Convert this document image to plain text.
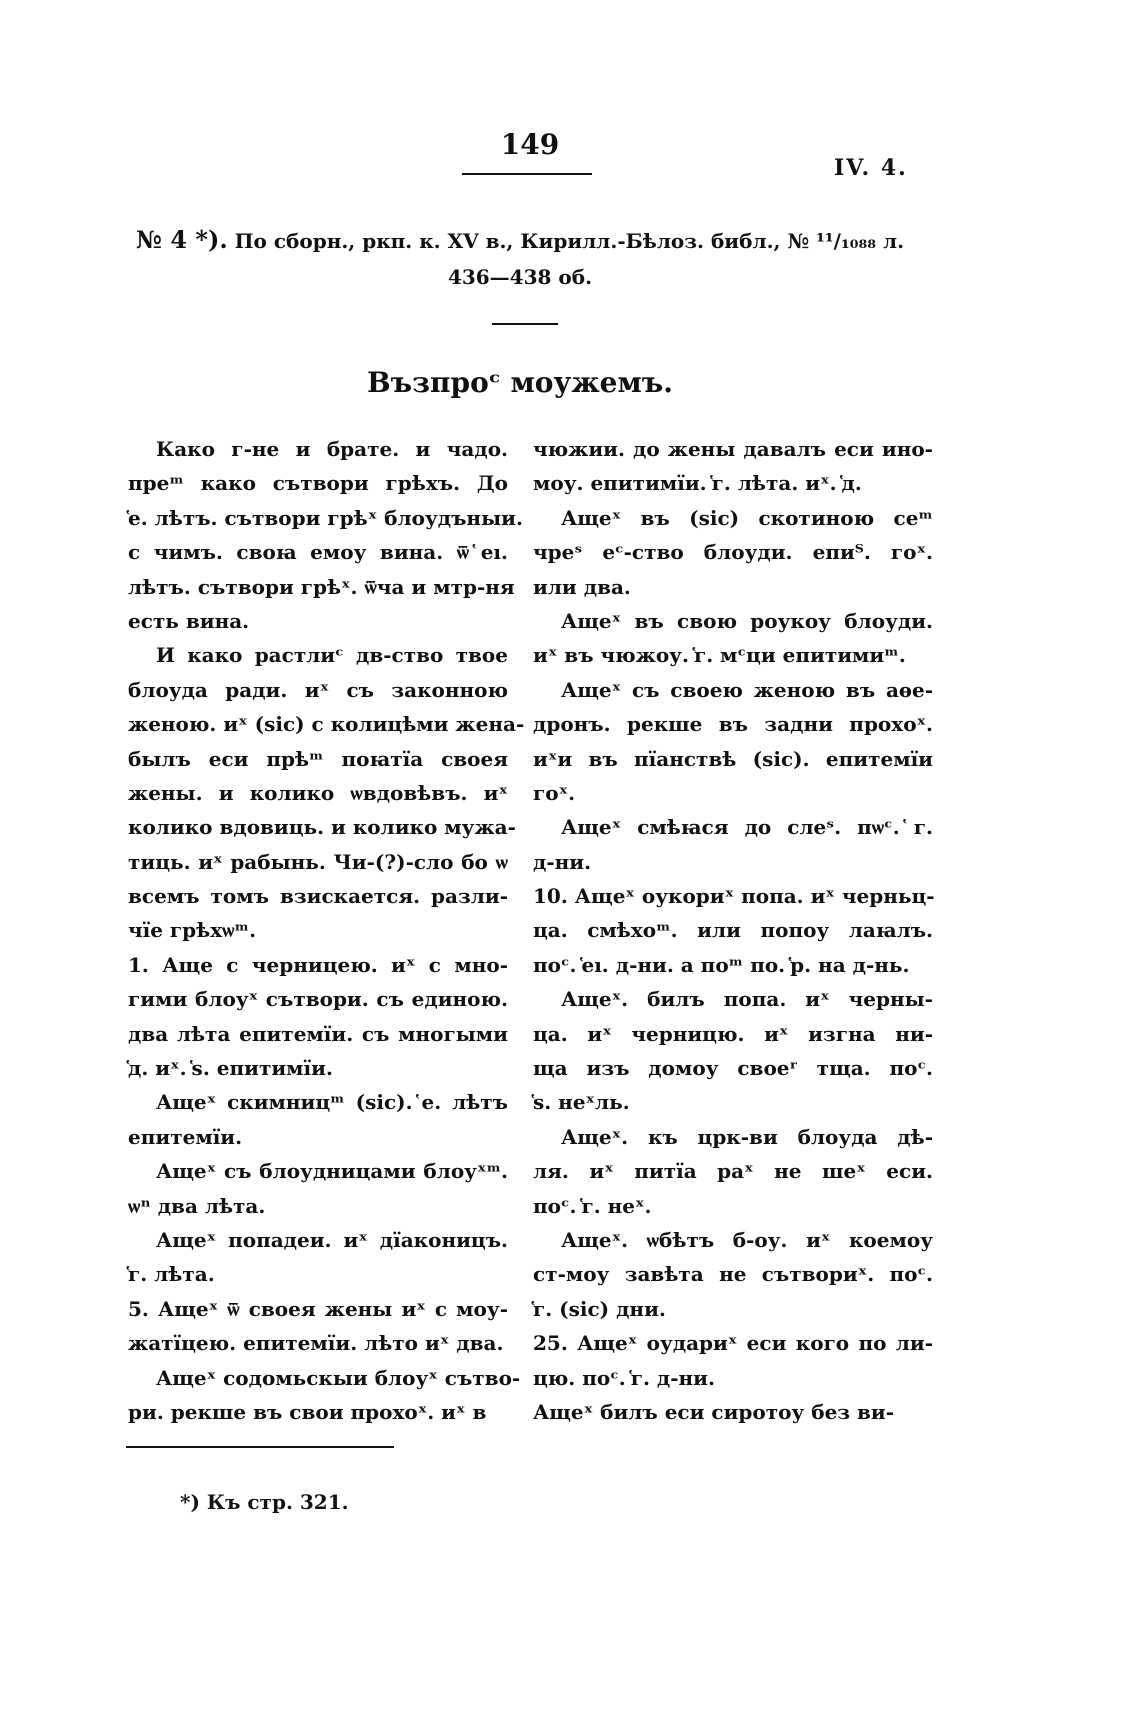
149
IV. 4.
№ 4 *). По сборн., ркп. к. XV в., Кирилл.-Бѣлоз. библ., № ¹¹/₁₀₈₈ л.
436—438 об.
Възпроᶜ моужемъ.
Како г-не и брате. и чадо.
преᵐ како сътвори грѣхъ. До
҅е. лѣтъ. сътвори грѣˣ блоудъныи.
с чимъ. своꙗ емоу вина. ѿ ҅еı.
лѣтъ. сътвори грѣˣ. ѿча и мтр-ня
есть вина.
И како растлиᶜ дв-ство твое
блоуда ради. иˣ съ законною
женою. иˣ (sic) с колицѣми жена-
былъ еси прѣᵐ поꙗтїа своея
жены. и колико ѡвдовѣвъ. иˣ
колико вдовиць. и колико мужа-
тиць. иˣ рабынь. Чи-(?)-сло бо ѡ
всемъ томъ взискается. разли-
чїе грѣхѡᵐ.
1. Аще с черницею. иˣ с мно-
гими блоуˣ сътвори. съ единою.
два лѣта епитемїи. съ многыми
҅д. иˣ. ҅ѕ. епитимїи.
Ащеˣ скимницᵐ (sic). ҅е. лѣтъ
епитемїи.
Ащеˣ съ блоудницами блоуˣᵐ.
ѡⁿ два лѣта.
Ащеˣ попадеи. иˣ дїаконицъ.
҅г. лѣта.
5. Ащеˣ ѿ своея жены иˣ с моу-
жатїцею. епитемїи. лѣто иˣ два.
Ащеˣ содомьскыи блоуˣ сътво-
ри. рекше въ свои прохоˣ. иˣ в
чюжии. до жены давалъ еси ино-
моу. епитимїи. ҅г. лѣта. иˣ. ҅д.
Ащеˣ въ (sic) скотиною сеᵐ
чреˢ еᶜ-ство блоуди. епиᵀ. гоˣ.
или два.
Ащеˣ въ свою роукоу блоуди.
иˣ въ чюжоу. ҅г. мᶜци епитимиᵐ.
Ащеˣ съ своею женою въ аѳе-
дронъ. рекше въ задни прохоˣ.
иˣи въ пїанствѣ (sic). епитемїи
гоˣ.
Ащеˣ смѣꙗся до слеˢ. пѡᶜ. ҅г.
д-ни.
10. Ащеˣ оукориˣ попа. иˣ черньц-
ца. смѣхоᵐ. или попоу лаꙗлъ.
поᶜ. ҅еı. д-ни. а поᵐ по. ҅р. на д-нь.
Ащеˣ. билъ попа. иˣ черны-
ца. иˣ черницю. иˣ изгна ни-
ща изъ домоу своеʳ тща. поᶜ.
҅ѕ. неˣль.
Ащеˣ. къ црк-ви блоуда дѣ-
ля. иˣ питїа раˣ не шеˣ еси.
поᶜ. ҅г. неˣ.
Ащеˣ. ѡбѣтъ б-оу. иˣ коемоу
ст-моу завѣта не сътвориˣ. поᶜ.
҅г. (sic) дни.
25. Ащеˣ оудариˣ еси кого по ли-
цю. поᶜ. ҅г. д-ни.
Ащеˣ билъ еси сиротоу без ви-
*) Къ стр. 321.
